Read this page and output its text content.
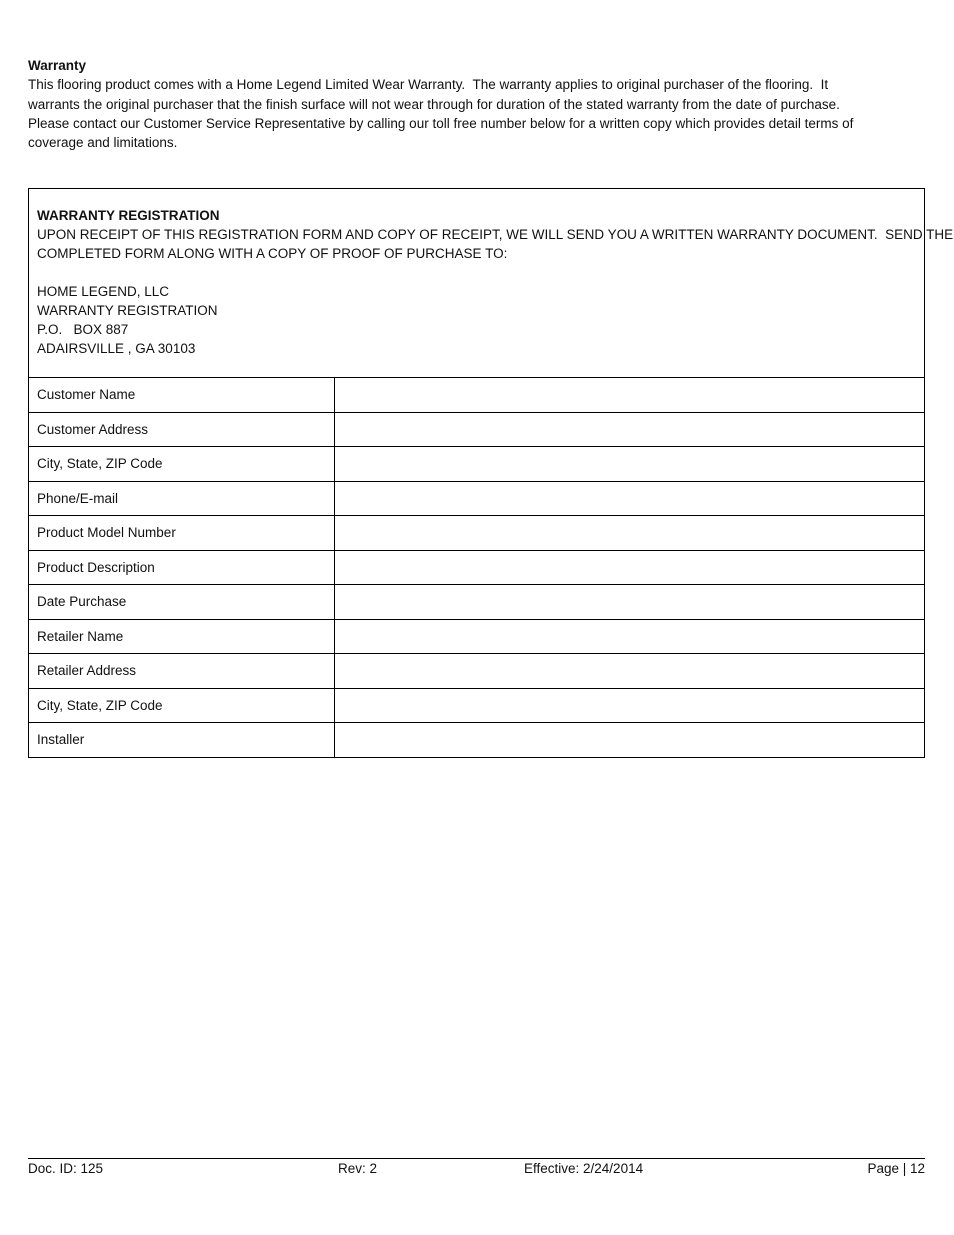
Warranty
This flooring product comes with a Home Legend Limited Wear Warranty.  The warranty applies to original purchaser of the flooring.  It
warrants the original purchaser that the finish surface will not wear through for duration of the stated warranty from the date of purchase.
Please contact our Customer Service Representative by calling our toll free number below for a written copy which provides detail terms of
coverage and limitations.
WARRANTY REGISTRATION
UPON RECEIPT OF THIS REGISTRATION FORM AND COPY OF RECEIPT, WE WILL SEND YOU A WRITTEN WARRANTY DOCUMENT.  SEND THE
COMPLETED FORM ALONG WITH A COPY OF PROOF OF PURCHASE TO:
HOME LEGEND, LLC
WARRANTY REGISTRATION
P.O.   BOX 887
ADAIRSVILLE , GA 30103
Customer Name	
Customer Address	
City, State, ZIP Code	
Phone/E-mail	
Product Model Number	
Product Description	
Date Purchase	
Retailer Name	
Retailer Address	
City, State, ZIP Code	
Installer	
Doc. ID: 125	Rev: 2	Effective: 2/24/2014	Page | 12
